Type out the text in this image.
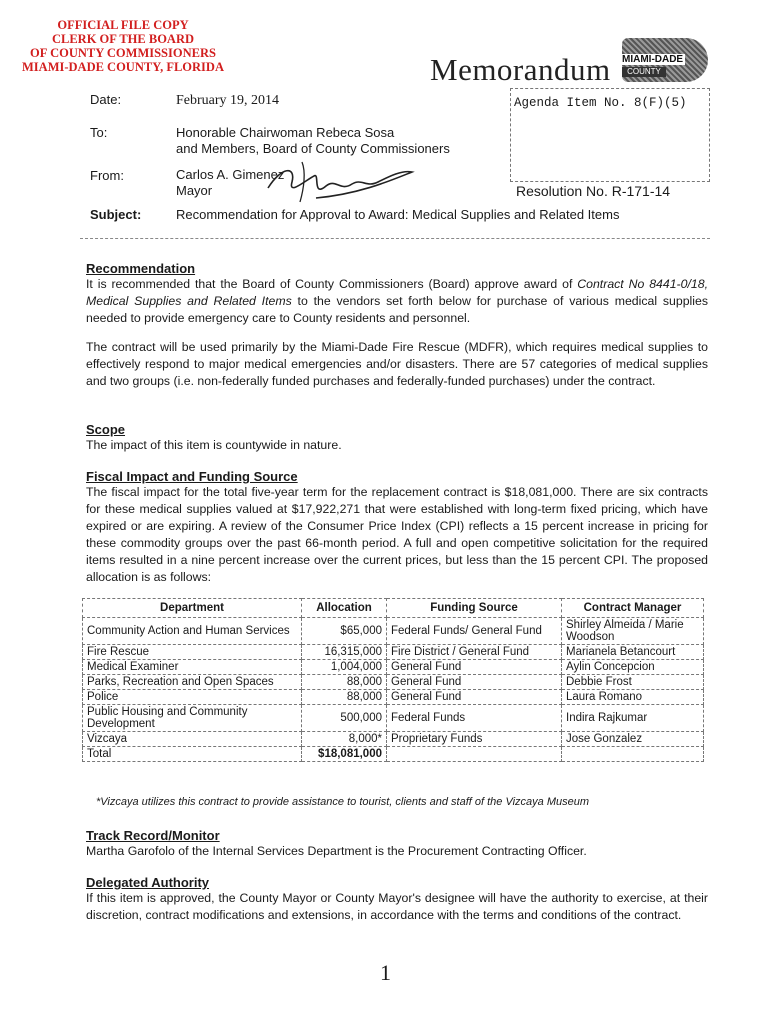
OFFICIAL FILE COPY
CLERK OF THE BOARD
OF COUNTY COMMISSIONERS
MIAMI-DADE COUNTY, FLORIDA	Memorandum MIAMI-DADE
COUNTY
Date:	February 19, 2014
To:	Honorable Chairwoman Rebeca Sosa
and Members, Board of County Commissioners
From:	Carlos A. Gimenez
Mayor
Subject:	Recommendation for Approval to Award: Medical Supplies and Related Items
Agenda Item No. 8(F)(5)
Resolution No. R-171-14
Recommendation
It is recommended that the Board of County Commissioners (Board) approve award of Contract No 8441-0/18, Medical Supplies and Related Items to the vendors set forth below for purchase of various medical supplies needed to provide emergency care to County residents and personnel.
The contract will be used primarily by the Miami-Dade Fire Rescue (MDFR), which requires medical supplies to effectively respond to major medical emergencies and/or disasters. There are 57 categories of medical supplies and two groups (i.e. non-federally funded purchases and federally-funded purchases) under the contract.
Scope
The impact of this item is countywide in nature.
Fiscal Impact and Funding Source
The fiscal impact for the total five-year term for the replacement contract is $18,081,000. There are six contracts for these medical supplies valued at $17,922,271 that were established with long-term fixed pricing, which have expired or are expiring. A review of the Consumer Price Index (CPI) reflects a 15 percent increase in pricing for these commodity groups over the past 66-month period. A full and open competitive solicitation for the required items resulted in a nine percent increase over the current prices, but less than the 15 percent CPI. The proposed allocation is as follows:
Department	Allocation	Funding Source	Contract Manager
Community Action and Human Services	$65,000	Federal Funds/ General Fund	Shirley Almeida / Marie Woodson
Fire Rescue	16,315,000	Fire District / General Fund	Marianela Betancourt
Medical Examiner	1,004,000	General Fund	Aylin Concepcion
Parks, Recreation and Open Spaces	88,000	General Fund	Debbie Frost
Police	88,000	General Fund	Laura Romano
Public Housing and Community Development	500,000	Federal Funds	Indira Rajkumar
Vizcaya	8,000*	Proprietary Funds	Jose Gonzalez
Total	$18,081,000		
*Vizcaya utilizes this contract to provide assistance to tourist, clients and staff of the Vizcaya Museum
Track Record/Monitor
Martha Garofolo of the Internal Services Department is the Procurement Contracting Officer.
Delegated Authority
If this item is approved, the County Mayor or County Mayor's designee will have the authority to exercise, at their discretion, contract modifications and extensions, in accordance with the terms and conditions of the contract.
1
